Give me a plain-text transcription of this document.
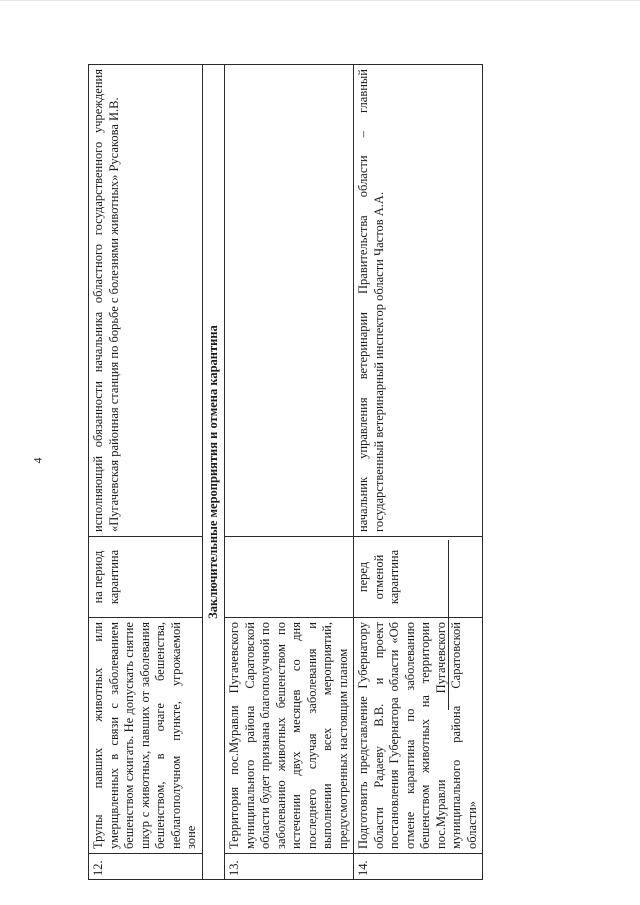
4
12.	Трупы павших животных или умерщвленных в связи с заболеванием бешенством сжигать. Не допускать снятие шкур с животных, павших от заболевания бешенством, в очаге бешенства, неблагополучном пункте, угрожаемой зоне	на период карантина	исполняющий обязанности начальника областного государственного учреждения «Пугачевская районная станция по борьбе с болезнями животных» Русакова И.В.
Заключительные мероприятия и отмена карантина			
13.	Территория пос.Муравли Пугачевского муниципального района Саратовской области будет признана благополучной по заболеванию животных бешенством по истечении двух месяцев со дня последнего случая заболевания и выполнении всех мероприятий, предусмотренных настоящим планом		
14.	Подготовить представление Губернатору области Радаеву В.В. и проект постановления Губернатора области «Об отмене карантина по заболеванию бешенством животных на территории пос.Муравли Пугачевского муниципального района Саратовской области»	перед отменой карантина	начальник управления ветеринарии Правительства области – главный государственный ветеринарный инспектор области Частов А.А.
